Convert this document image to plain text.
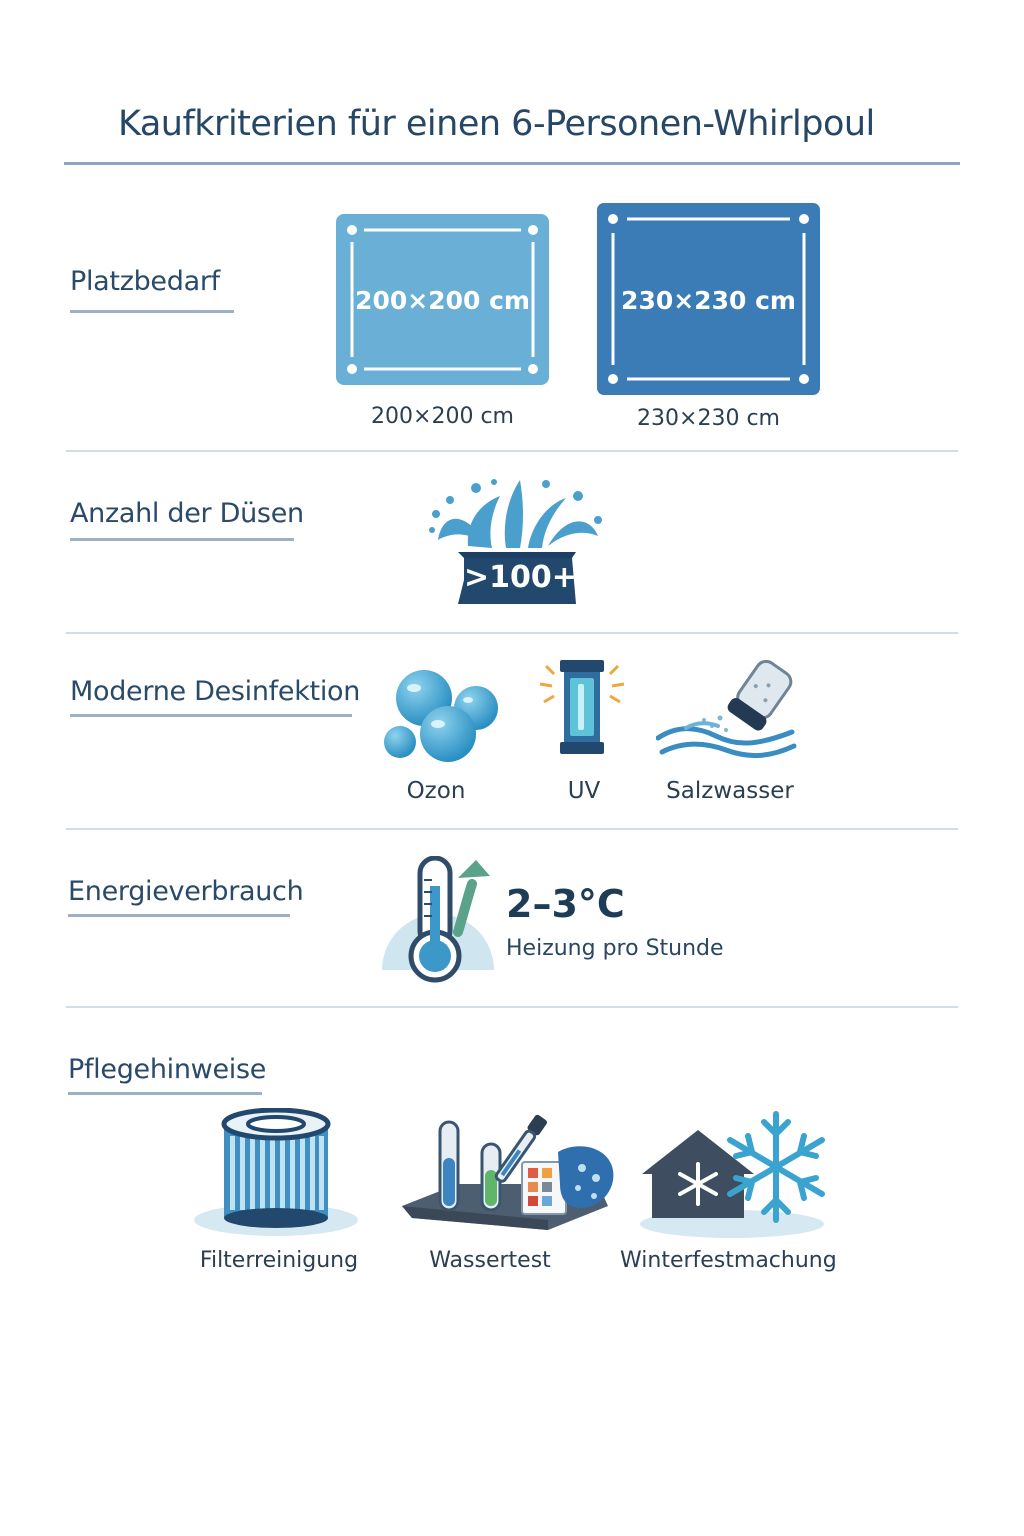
Kaufkriterien für einen 6-Personen-Whirlpoul
Platzbedarf
200×200 cm
200×200 cm
230×230 cm
230×230 cm
Anzahl der Düsen
>100+
Moderne Desinfektion
Ozon	UV	Salzwasser
Energieverbrauch	2–3°C
Heizung pro Stunde
Pflegehinweise
Filterreinigung	Wassertest	Winterfestmachung
